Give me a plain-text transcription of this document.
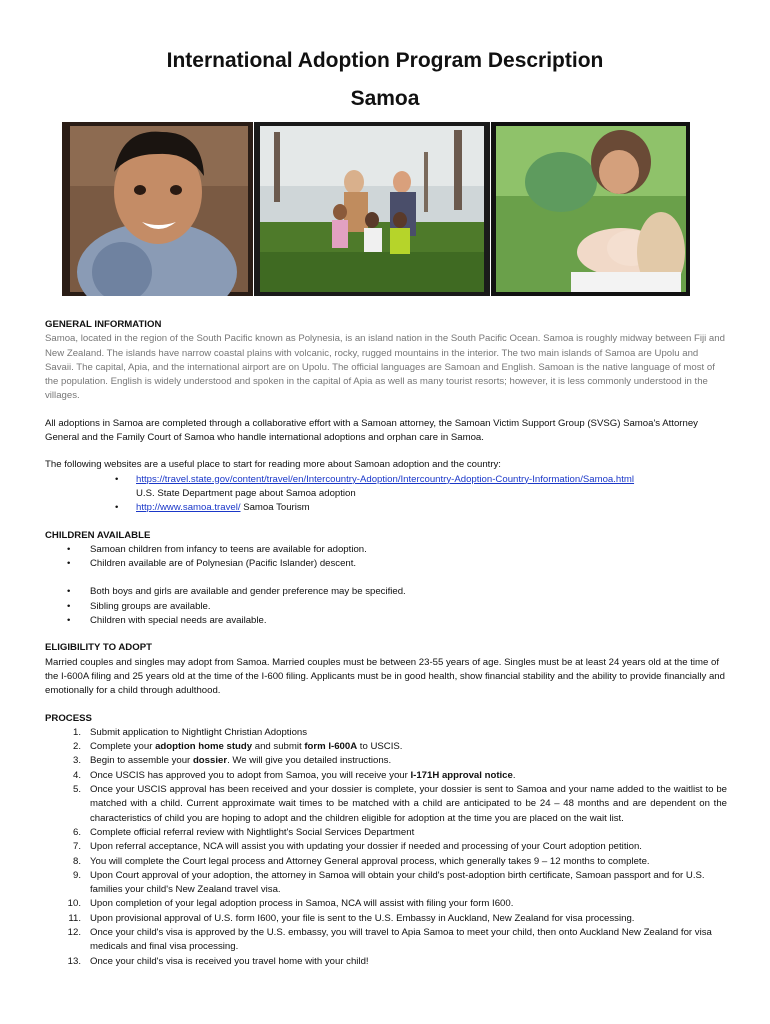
International Adoption Program Description
Samoa

GENERAL INFORMATION

Samoa, located in the region of the South Pacific known as Polynesia, is an island nation in the South Pacific Ocean. Samoa is roughly midway between Fiji and New Zealand. The islands have narrow coastal plains with volcanic, rocky, rugged mountains in the interior. The two main islands of Samoa are Upolu and Savaii. The capital, Apia, and the international airport are on Upolu. The official languages are Samoan and English. Samoan is the native language of most of the population. English is widely understood and spoken in the capital of Apia as well as many tourist resorts; however, it is less commonly understood in the villages.

All adoptions in Samoa are completed through a collaborative effort with a Samoan attorney, the Samoan Victim Support Group (SVSG) Samoa's Attorney General and the Family Court of Samoa who handle international adoptions and orphan care in Samoa.

The following websites are a useful place to start for reading more about Samoan adoption and the country:

• https://travel.state.gov/content/travel/en/Intercountry-Adoption/Intercountry-Adoption-Country-Information/Samoa.html
U.S. State Department page about Samoa adoption
• http://www.samoa.travel/ Samoa Tourism

CHILDREN AVAILABLE

• Samoan children from infancy to teens are available for adoption.
• Children available are of Polynesian (Pacific Islander) descent.
• Both boys and girls are available and gender preference may be specified.
• Sibling groups are available.
• Children with special needs are available.

ELIGIBILITY TO ADOPT

Married couples and singles may adopt from Samoa. Married couples must be between 23-55 years of age. Singles must be at least 24 years old at the time of the I-600A filing and 25 years old at the time of the I-600 filing. Applicants must be in good health, show financial stability and the ability to provide financially and emotionally for a child through adulthood.

PROCESS

1. Submit application to Nightlight Christian Adoptions
2. Complete your adoption home study and submit form I-600A to USCIS.
3. Begin to assemble your dossier. We will give you detailed instructions.
4. Once USCIS has approved you to adopt from Samoa, you will receive your I-171H approval notice.
5. Once your USCIS approval has been received and your dossier is complete, your dossier is sent to Samoa and your name added to the waitlist to be matched with a child. Current approximate wait times to be matched with a child are anticipated to be 24 – 48 months and are dependent on the characteristics of child you are hoping to adopt and the children eligible for adoption at the time you are placed on the wait list.
6. Complete official referral review with Nightlight's Social Services Department
7. Upon referral acceptance, NCA will assist you with updating your dossier if needed and processing of your Court adoption petition.
8. You will complete the Court legal process and Attorney General approval process, which generally takes 9 – 12 months to complete.
9. Upon Court approval of your adoption, the attorney in Samoa will obtain your child's post-adoption birth certificate, Samoan passport and for U.S. families your child's New Zealand travel visa.
10. Upon completion of your legal adoption process in Samoa, NCA will assist with filing your form I600.
11. Upon provisional approval of U.S. form I600, your file is sent to the U.S. Embassy in Auckland, New Zealand for visa processing.
12. Once your child's visa is approved by the U.S. embassy, you will travel to Apia Samoa to meet your child, then onto Auckland New Zealand for visa medicals and final visa processing.
13. Once your child's visa is received you travel home with your child!
